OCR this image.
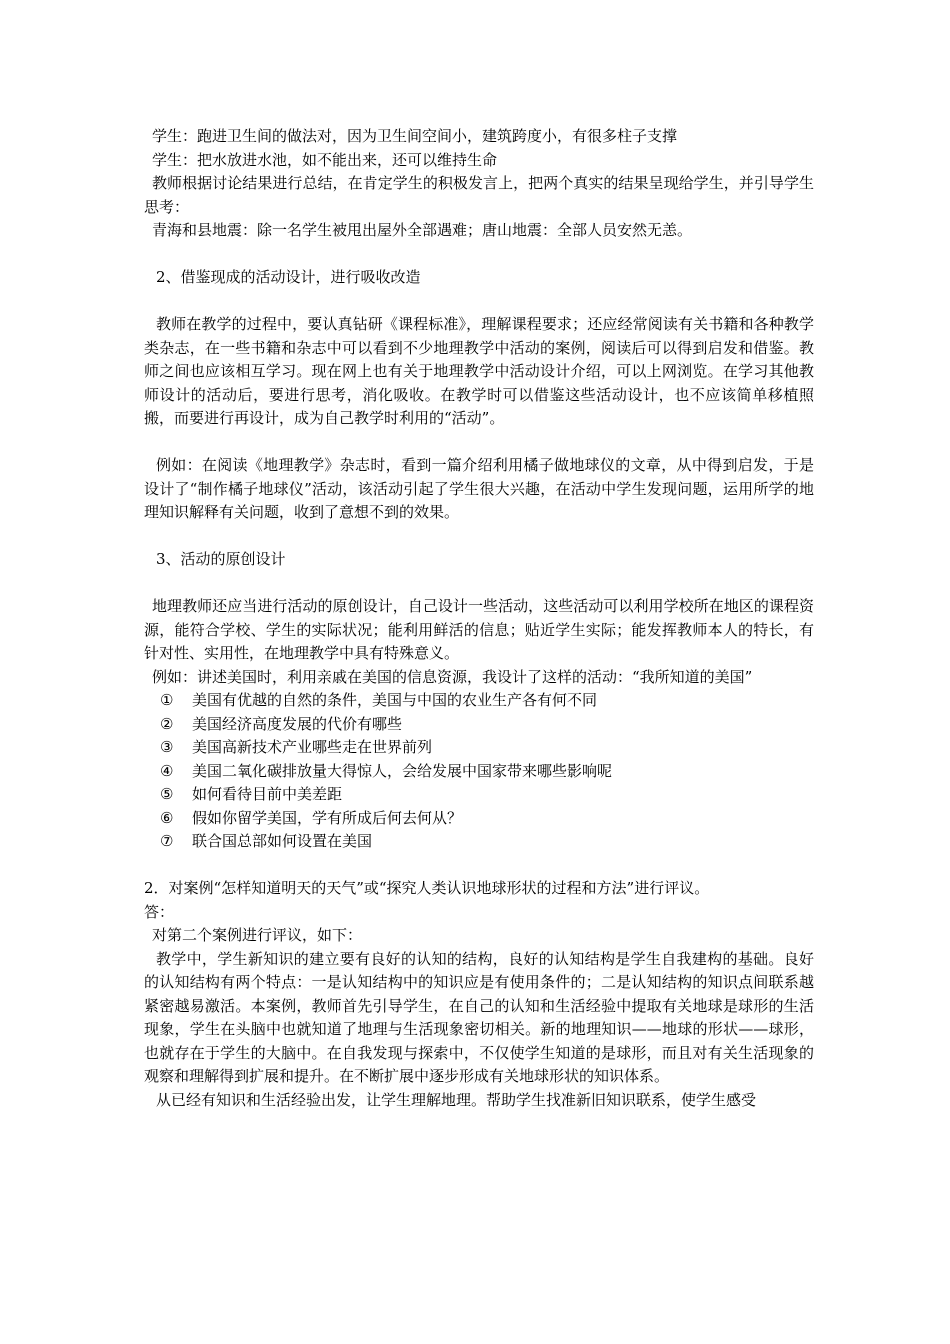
学生：跑进卫生间的做法对，因为卫生间空间小，建筑跨度小，有很多柱子支撑

学生：把水放进水池，如不能出来，还可以维持生命

教师根据讨论结果进行总结，在肯定学生的积极发言上，把两个真实的结果呈现给学生，并引导学生思考：

青海和县地震：除一名学生被甩出屋外全部遇难；唐山地震：全部人员安然无恙。

2、借鉴现成的活动设计，进行吸收改造

教师在教学的过程中，要认真钻研《课程标准》，理解课程要求；还应经常阅读有关书籍和各种教学类杂志，在一些书籍和杂志中可以看到不少地理教学中活动的案例，阅读后可以得到启发和借鉴。教师之间也应该相互学习。现在网上也有关于地理教学中活动设计介绍，可以上网浏览。在学习其他教师设计的活动后，要进行思考，消化吸收。在教学时可以借鉴这些活动设计，也不应该简单移植照搬，而要进行再设计，成为自己教学时利用的“活动”。

例如：在阅读《地理教学》杂志时，看到一篇介绍利用橘子做地球仪的文章，从中得到启发，于是设计了“制作橘子地球仪”活动，该活动引起了学生很大兴趣，在活动中学生发现问题，运用所学的地理知识解释有关问题，收到了意想不到的效果。

3、活动的原创设计

地理教师还应当进行活动的原创设计，自己设计一些活动，这些活动可以利用学校所在地区的课程资源，能符合学校、学生的实际状况；能利用鲜活的信息；贴近学生实际；能发挥教师本人的特长，有针对性、实用性，在地理教学中具有特殊意义。

例如：讲述美国时，利用亲戚在美国的信息资源，我设计了这样的活动：“我所知道的美国”

①	美国有优越的自然的条件，美国与中国的农业生产各有何不同
②	美国经济高度发展的代价有哪些
③	美国高新技术产业哪些走在世界前列
④	美国二氧化碳排放量大得惊人，会给发展中国家带来哪些影响呢
⑤	如何看待目前中美差距
⑥	假如你留学美国，学有所成后何去何从？
⑦	联合国总部如何设置在美国

2．对案例“怎样知道明天的天气”或“探究人类认识地球形状的过程和方法”进行评议。

答：

对第二个案例进行评议，如下：

教学中，学生新知识的建立要有良好的认知的结构，良好的认知结构是学生自我建构的基础。良好的认知结构有两个特点：一是认知结构中的知识应是有使用条件的；二是认知结构的知识点间联系越紧密越易激活。本案例，教师首先引导学生，在自己的认知和生活经验中提取有关地球是球形的生活现象，学生在头脑中也就知道了地理与生活现象密切相关。新的地理知识——地球的形状——球形，也就存在于学生的大脑中。在自我发现与探索中，不仅使学生知道的是球形，而且对有关生活现象的观察和理解得到扩展和提升。在不断扩展中逐步形成有关地球形状的知识体系。

从已经有知识和生活经验出发，让学生理解地理。帮助学生找准新旧知识联系，使学生感受
